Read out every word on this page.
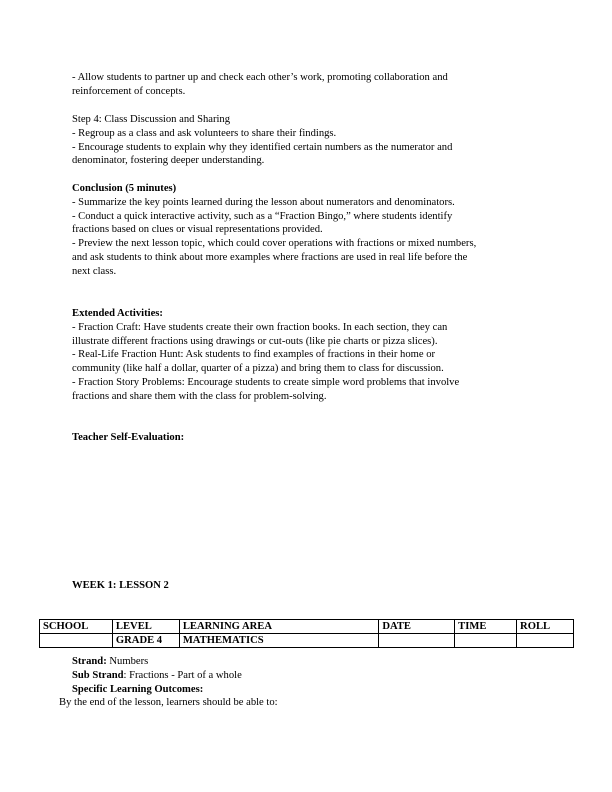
- Allow students to partner up and check each other’s work, promoting collaboration and

reinforcement of concepts.

Step 4: Class Discussion and Sharing

- Regroup as a class and ask volunteers to share their findings.

- Encourage students to explain why they identified certain numbers as the numerator and

denominator, fostering deeper understanding.

Conclusion (5 minutes)

- Summarize the key points learned during the lesson about numerators and denominators.

- Conduct a quick interactive activity, such as a “Fraction Bingo,” where students identify

fractions based on clues or visual representations provided.

- Preview the next lesson topic, which could cover operations with fractions or mixed numbers,

and ask students to think about more examples where fractions are used in real life before the

next class.

Extended Activities:

- Fraction Craft: Have students create their own fraction books. In each section, they can

illustrate different fractions using drawings or cut-outs (like pie charts or pizza slices).

- Real-Life Fraction Hunt: Ask students to find examples of fractions in their home or

community (like half a dollar, quarter of a pizza) and bring them to class for discussion.

- Fraction Story Problems: Encourage students to create simple word problems that involve

fractions and share them with the class for problem-solving.

Teacher Self-Evaluation:

WEEK 1: LESSON 2

SCHOOL	LEVEL	LEARNING AREA	DATE	TIME	ROLL
	GRADE 4	MATHEMATICS			

Strand: Numbers

Sub Strand: Fractions - Part of a whole

Specific Learning Outcomes:

By the end of the lesson, learners should be able to:
